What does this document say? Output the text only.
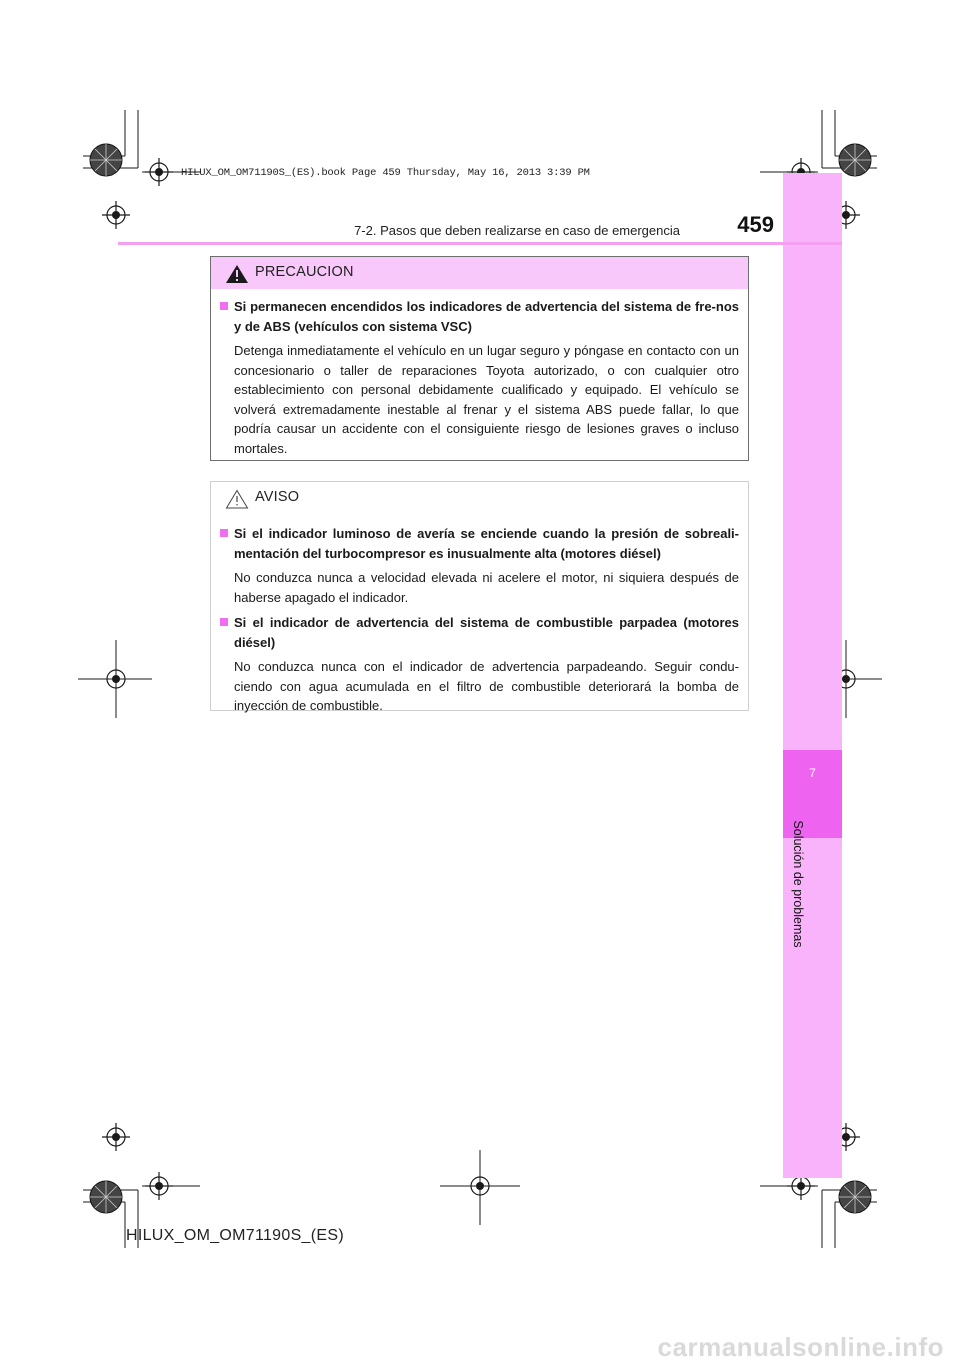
7
Solución de problemas
HILUX_OM_OM71190S_(ES).book Page 459 Thursday, May 16, 2013 3:39 PM
7-2. Pasos que deben realizarse en caso de emergencia	459
PRECAUCION
Si permanecen encendidos los indicadores de advertencia del sistema de fre-nos y de ABS (vehículos con sistema VSC)
Detenga inmediatamente el vehículo en un lugar seguro y póngase en contacto con un concesionario o taller de reparaciones Toyota autorizado, o con cualquier otro establecimiento con personal debidamente cualificado y equipado. El vehículo se volverá extremadamente inestable al frenar y el sistema ABS puede fallar, lo que podría causar un accidente con el consiguiente riesgo de lesiones graves o incluso mortales.
AVISO
Si el indicador luminoso de avería se enciende cuando la presión de sobreali-mentación del turbocompresor es inusualmente alta (motores diésel)
No conduzca nunca a velocidad elevada ni acelere el motor, ni siquiera después de haberse apagado el indicador.
Si el indicador de advertencia del sistema de combustible parpadea (motores diésel)
No conduzca nunca con el indicador de advertencia parpadeando. Seguir condu-ciendo con agua acumulada en el filtro de combustible deteriorará la bomba de inyección de combustible.
HILUX_OM_OM71190S_(ES)
carmanualsonline.info
